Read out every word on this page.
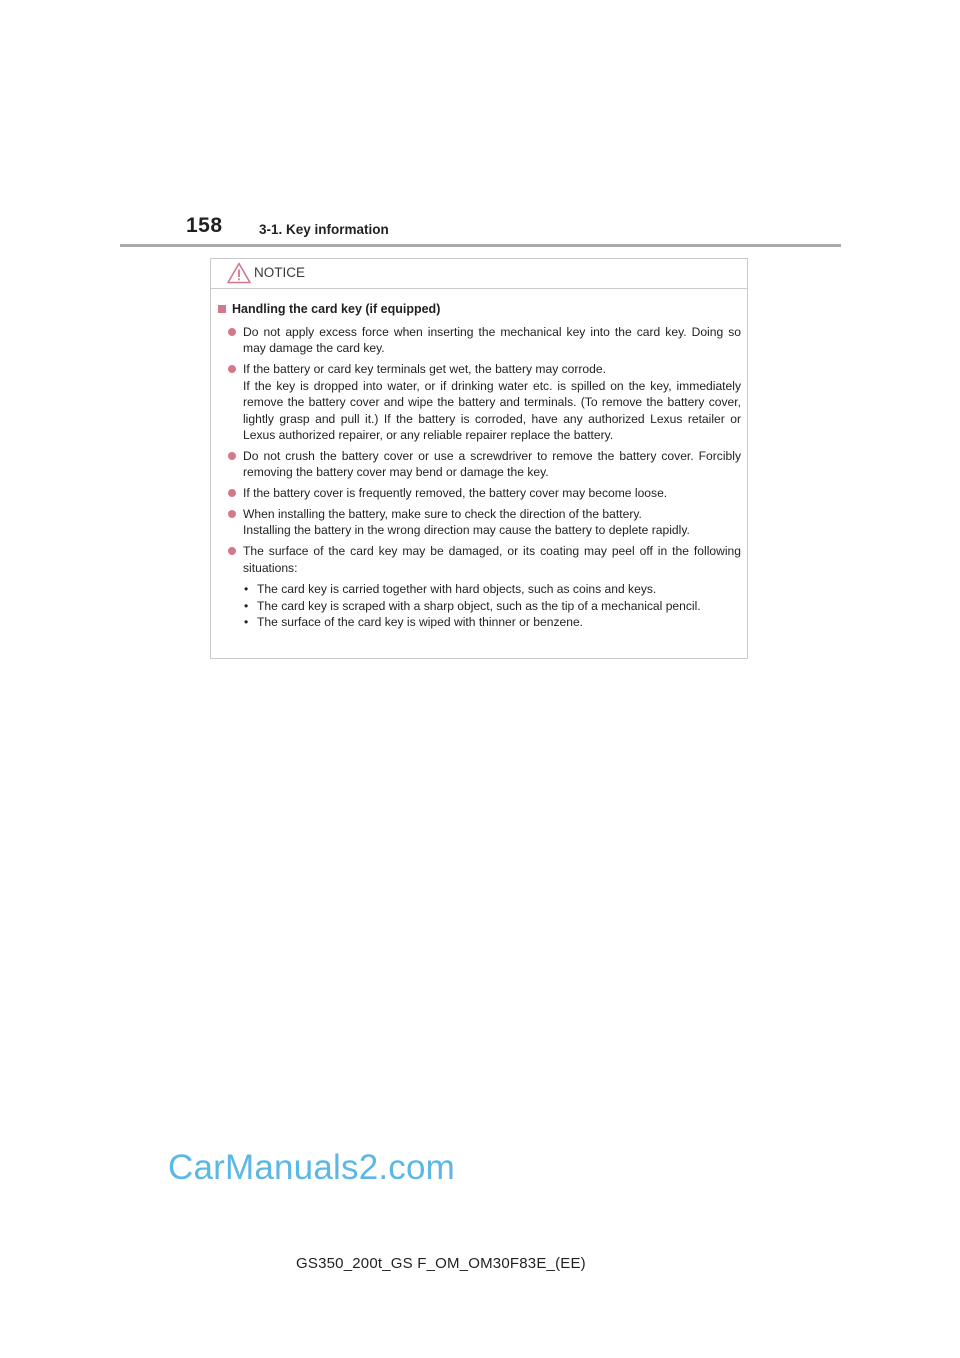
158	3-1. Key information
NOTICE
Handling the card key (if equipped)

Do not apply excess force when inserting the mechanical key into the card key. Doing so may damage the card key.

If the battery or card key terminals get wet, the battery may corrode.

If the key is dropped into water, or if drinking water etc. is spilled on the key, immediately remove the battery cover and wipe the battery and terminals. (To remove the battery cover, lightly grasp and pull it.) If the battery is corroded, have any authorized Lexus retailer or Lexus authorized repairer, or any reliable repairer replace the battery.

Do not crush the battery cover or use a screwdriver to remove the battery cover. Forcibly removing the battery cover may bend or damage the key.

If the battery cover is frequently removed, the battery cover may become loose.

When installing the battery, make sure to check the direction of the battery.

Installing the battery in the wrong direction may cause the battery to deplete rapidly.

The surface of the card key may be damaged, or its coating may peel off in the following situations:

• The card key is carried together with hard objects, such as coins and keys.
• The card key is scraped with a sharp object, such as the tip of a mechanical pencil.
• The surface of the card key is wiped with thinner or benzene.
CarManuals2.com
GS350_200t_GS F_OM_OM30F83E_(EE)
